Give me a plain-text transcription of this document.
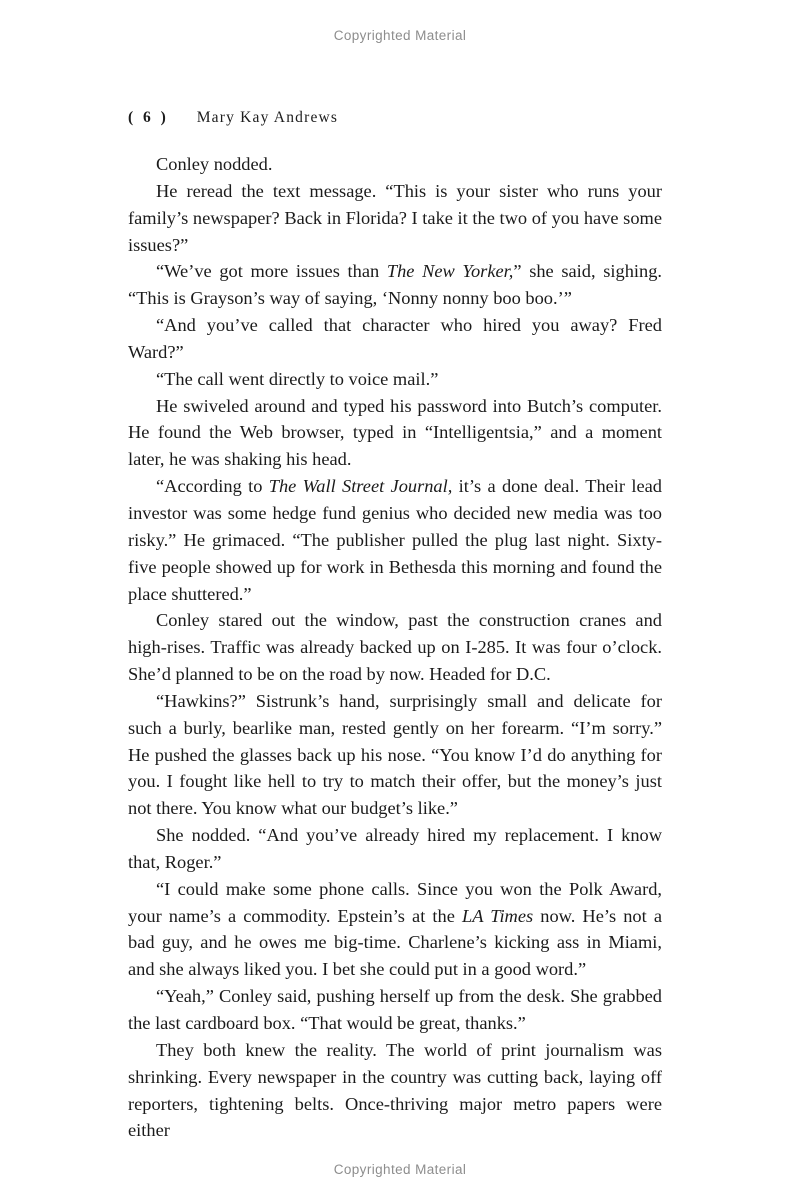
Copyrighted Material
( 6 ) Mary Kay Andrews

Conley nodded.

He reread the text message. “This is your sister who runs your family’s newspaper? Back in Florida? I take it the two of you have some issues?”

“We’ve got more issues than The New Yorker,” she said, sighing. “This is Grayson’s way of saying, ‘Nonny nonny boo boo.’”

“And you’ve called that character who hired you away? Fred Ward?”

“The call went directly to voice mail.”

He swiveled around and typed his password into Butch’s computer. He found the Web browser, typed in “Intelligentsia,” and a moment later, he was shaking his head.

“According to The Wall Street Journal, it’s a done deal. Their lead investor was some hedge fund genius who decided new media was too risky.” He grimaced. “The publisher pulled the plug last night. Sixty-five people showed up for work in Bethesda this morning and found the place shuttered.”

Conley stared out the window, past the construction cranes and high-rises. Traffic was already backed up on I-285. It was four o’clock. She’d planned to be on the road by now. Headed for D.C.

“Hawkins?” Sistrunk’s hand, surprisingly small and delicate for such a burly, bearlike man, rested gently on her forearm. “I’m sorry.” He pushed the glasses back up his nose. “You know I’d do anything for you. I fought like hell to try to match their offer, but the money’s just not there. You know what our budget’s like.”

She nodded. “And you’ve already hired my replacement. I know that, Roger.”

“I could make some phone calls. Since you won the Polk Award, your name’s a commodity. Epstein’s at the LA Times now. He’s not a bad guy, and he owes me big-time. Charlene’s kicking ass in Miami, and she always liked you. I bet she could put in a good word.”

“Yeah,” Conley said, pushing herself up from the desk. She grabbed the last cardboard box. “That would be great, thanks.”

They both knew the reality. The world of print journalism was shrinking. Every newspaper in the country was cutting back, laying off reporters, tightening belts. Once-thriving major metro papers were either

Copyrighted Material
